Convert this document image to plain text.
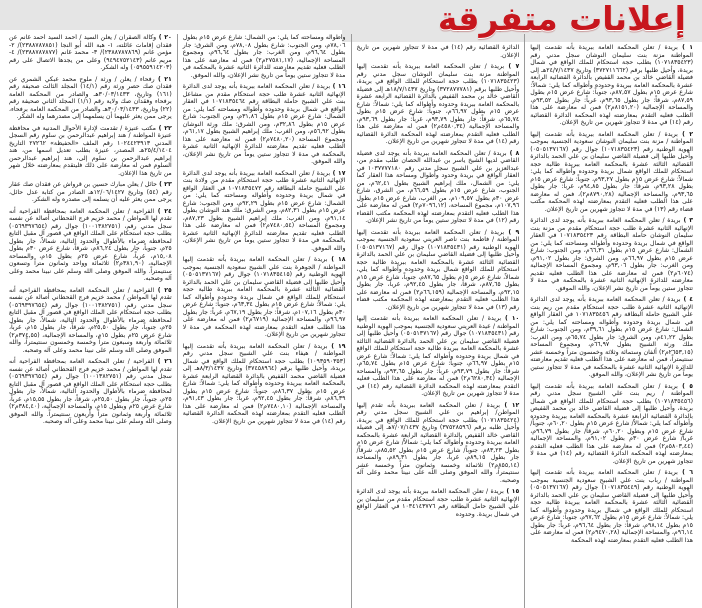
إعلانات متفرقة

١ ) بريدة / تعلن المحكمة العامة ببريدة بأنه تقدمت إليها المواطنة مزنة بنت سليمان النوشان سجل مدني رقم (١٠٧١٨٣٥٤٢٣) بطلب حجة استحكام للملك الواقع في شمال بريدة، وأحيل طلبها برقم (٣٧٢٧١١٦٦٢) وتاريخ ٢٤/٧/١٤٣٧هـ إلى فضيلة القاضي خالد بن محمد القفيص بالدائرة القضائية الرابعة عشرة بالمحكمة العامة ببريدة وحدوده وأطواله كما يلي: شمالاً: شارع عرض ١٥م بطول ٨٧,٥٧م، جنوباً: شارع عرض ١٥م بطول ٨٧,٥٩م، شرقاً: جار بطول ٩٣,٦٥م، غرباً: جار بطول ٩٣,٥٢م، والمساحة الإجمالية (٨١٥١,٢٠م٢) فمن له معارضة على هذا الطلب فعليه التقدم بمعارضته لهذه المحكمة الدائرة القضائية رقم (١٤) في مدة لا تتجاوز شهرين من تاريخ الإعلان.

٢ ) بريدة / تعلن المحكمة العامة ببريدة بأنه تقدمت إليها المواطنة / مزنة بنت سليمان النوشان سعودية الجنسية بموجب الهوية الوطنية رقم (١٠٧١٨٣٥٤٢٣) جوال رقم (٠٥٠٥١٣٧١٦٧) وأحيل طلبها إلى فضيلة القاضي سليمان بن علي الحمد بالدائرة القضائية الثالثة عشرة بالمحكمة العامة ببريدة طالبة حجة استحكام للملك الواقع شمال بريدة وحدوده وأطواله كما يلي: شمالاً: شارع عرض ١٥م بطول ٩٣,٢٧م، جنوباً: شارع عرض ١٥م بطول ٩٣,٢٨م، شرقاً: جار بطول ٩٤,٨٥م، غرباً: جار بطول ٩٣,٦٥م، والمساحة الإجمالية (٨٧٩٠,٢٨م٢)، فمن له معارضة على هذا الطلب فعليه التقدم بمعارضته لهذه المحكمة مكتب قضاء رقم (١٣) في مدة لا تتجاوز شهرين من تاريخ الإعلان.

٣ ) بريدة / تعلن المحكمة العامة ببريدة بأنه يوجد لدى الدائرة الإنهائية الثانية عشرة طلب حجة استحكام مقدم من مزنة بنت سليمان النوشان حاملة البطاقة رقم ١٠٧١٨٣٥٤٢٣ في العقار الواقع في شمال بريدة وحدوده وأطواله ومساحته كما يلي: من الشمال: شارع عرض ١٥م بطول ٦٦,٣١م، ومن الجنوب: شارع عرض ١٥م بطول ٦٦,٩٧م، ومن الشرق: جار بطول ٩١,٠٢م، ومن الغرب: جار بطول ٩٣,٠٦م، ومجموع المساحة الإجمالية (٦٠٧٤م٢) فمن له معارضة على هذا الطلب فعليه تقديم معارضته للدائرة الإنهائية الثانية عشرة بالمحكمة في مدة لا تتجاوز ستين يوماً من تاريخ نشر الإعلان، والله الموفق.

٤ ) بريدة / تعلن المحكمة العامة ببريدة بأنه يوجد لدى الدائرة الإنهائية الثانية عشرة طلب حجة استحكام مقدم من ريم بنت علي الشبيح حاملة البطاقة رقم ١٠٧١٨٣٥٤٥٦ في العقار الواقع في شمال بريدة وحدوده وأطواله ومساحته كما يلي: من الشمال: شارع عرض ١٥م بطول ٣٩,٦١م، ومن الجنوب: شارع بطول ٤١,٢٢م، ومن الشرق: جار بطول ٦٥,٧٤م، ومن الغرب: ملك ورثة الشبيح بطول ٦٦,٩٧م، ومجموع المساحة (٢٦٥٣,١٥م٢) ألفان وستمائة وثلاثة وخمسون متراً وخمسة عشر سنتيمتراً، فمن له معارضة على هذا الطلب فعليه تقديم معارضته للدائرة الإنهائية الثانية عشرة بالمحكمة في مدة لا تتجاوز ستين يوماً من تاريخ نشر الإعلان، والله الموفق.

٥ ) بريدة / تعلن المحكمة العامة ببريدة بأنه تقدمت إليها المواطنة / ريم بنت علي الشبيح سجل مدني رقم (١٠٧١٨٣٥٤٥٦) بطلب حجة استحكام للملك الواقع في شمال بريدة، وأحيل طلبها إلى فضيلة القاضي خالد بن محمد القفيص بالدائرة القضائية الرابعة عشرة بالمحكمة العامة ببريدة وحدوده وأطواله كما يلي: شمالاً/ شارع عرض ١٥م بطول ٦٠,٢٠م، جنوباً/ شارع عرض ١٥م وبطول ٦٠,٢٠م، شرقاً/ جار بطول ٩٦,٧٩م، غرباً/ شارع عرض ٣٠م بطول ٩١,٠٢م، والمساحة الإجمالية (٥٨٠٣,٤٤م٢) فمن له معارضة على هذا الطلب فعليه التقدم بمعارضته لهذه المحكمة الدائرة القضائية رقم (١٤) في مدة لا تتجاوز شهرين من تاريخ الإعلان.

٦ ) بريدة / تعلن المحكمة العامة ببريدة بأنه تقدمت إليها المواطنة / رباب بنت علي الشبيح سعودية الجنسية بموجب الهوية الوطنية رقم (١٠٧١٨٣٥٤٤٩) جوال رقم (٠٥٠٥١٣٧١٦٧) وأحيل طلبها إلى فضيلة القاضي سليمان بن علي الحمد بالدائرة القضائية الثالثة عشرة بالمحكمة العامة ببريدة طالبة حجة استحكام للملك الواقع في شمال بريدة وحدوده وأطواله كما يلي: شمالاً: شارع عرض ١٥م بطول ٩٧,٦٢م، جنوباً: شارع عرض ١٥م بطول ٩٨,١٤م، شرقاً: جار بطول ٩٦,٦٤م، غرباً: جار بطول ٩٦,١٤م، والمساحة الإجمالية (٩٤٧٠,٢٨م٢) فمن له معارضة على هذا الطلب فعليه التقدم بمعارضته لهذه المحكمة

الدائرة القضائية رقم (١٤) في مدة لا تتجاوز شهرين من تاريخ الإعلان.

٧ ) بريدة / تعلن المحكمة العامة ببريدة بأنه تقدمت إليها المواطنة مزنة بنت سليمان النوشان سجل مدني رقم (١٠٧١٨٣٥٤٢٣) بطلب حجة استحكام للملك الواقع في بريدة، وأحيل طلبها برقم (٣٧٢٨٧٧٧٨١) وتاريخ ١٨/٧/١٤٣٧هـ إلى فضيلة القاضي خالد بن محمد القفيص بالدائرة القضائية الرابعة عشرة بالمحكمة العامة ببريدة وحدوده وأطواله كما يلي: شمالاً: شارع عرض ١٥م بطول ٦٦,٩٧م، جنوباً: شارع عرض ١٥م بطول ٦٥,٧٤م، شرقاً: جار بطول ٩٣,٧٩م، غرباً: جار بطول ٩٣,٦٩م، والمساحة الإجمالية (٤٥٨٠,٣٤م٢) فمن له معارضة على هذا الطلب فعليه التقدم بمعارضته لهذه المحكمة الدائرة القضائية رقم (١٤) في مدة لا تتجاوز شهرين من تاريخ الإعلان.

٨ ) بريدة / تعلن المحكمة العامة ببريدة بأنه يوجد لدى فضيلة القاضي لديها الشيخ ياسر بن عبدالله الحصان طلب مقدم من، عبدالعزيز بن علي الشبيح سجل مدني رقم ١٠٣٧٧٧٧١٨٠ في العقار الواقع في بريدة وحدود وأطوال ومساحة هذا العقار كما يلي: من الشمال، ملك إبراهيم الشبيح بطول ٦٢,٤١م، من الجنوب، شارع عرض ١٥م بطول ٦٦,٥٩م، من الشرق، شارع عرض ٣٠م بطول ١٠٩,٥٧م، من الغرب، شارع عرض ١٥م بطول ١٠٧,٩٦م، مجموع المساحة، (٧٠٩٦,١٢م٢) فمن له معارضة على هذا الطلب فعليه التقدم بمعارضته لهذه المحكمة مكتب القضاء رقم (١٢) في مدة لا تتجاوز ستين يوماً من تاريخ نشر الإعلان.

٩ ) بريدة / تعلن المحكمة العامة ببريدة بأنه تقدمت إليها المواطنة / فاطمة بنت ناصر العريني سعودية الجنسية بموجب الهوية الوطنية رقم (١٠٧١٨٣٥٤٣١) جوال رقم (٠٥٠٥١٣٧١٦٧) وأحيل طلبها إلى فضيلة القاضي سليمان بن علي الحمد بالدائرة القضائية الثالثة عشرة بالمحكمة العامة ببريدة طالبة حجة استحكام للملك الواقع شمال بريدة وحدوده وأطواله كما يلي، شمالاً، شارع عرض ١٥م بطول ٨٧,٦٥م، جنوباً، شارع عرض ١٥م بطول ٨٧,٦٥م، شرقاً، جار بطول ٩٢,٤٥م، غرباً، جار بطول ٩٢,١٥م، والمساحة الإجمالية (٦٦,١٥٩م٢) فمن له معارضة على هذا الطلب فعليه التقدم بمعارضته لهذه المحكمة مكتب قضاء رقم (١٣) في مدة لا تتجاوز شهرين من تاريخ الإعلان.

١٠ ) بريدة / تعلن المحكمة العامة ببريدة بأنه تقدمت إليها المواطنة / عيدة العريني سعودية الجنسية بموجب الهوية الوطنية رقم (١٠٧١٨٣٥٤٣١) جوال رقم (٠٥٠٥١٣٧١٦٧) وأحيل طلبها إلى فضيلة القاضي سليمان بن علي الحمد بالدائرة القضائية الثالثة عشرة بالمحكمة العامة ببريدة طالبة حجة استحكام للملك الواقع في شمال بريدة وحدوده وأطواله كما يلي: شمالاً: شارع عرض ١٥م بطول ٦٦,٩٧م، جنوباً: شارع عرض ١٥م بطول ٦٥,٧٤م، شرقاً: جار بطول ٩٣,٧٩م، غرباً: جار بطول ٩٣,٦٥م، والمساحة الإجمالية (٦٢٨٠,٣٤م٢) فمن له معارضة على هذا الطلب فعليه التقدم بمعارضته لهذه المحكمة الدائرة القضائية رقم (١٤) في مدة لا تتجاوز شهرين من تاريخ الإعلان.

١٢ ) بريدة / تعلن المحكمة العامة ببريدة بأنه تقدم إليها المواطن/ إبراهيم بن علي الشبيح سجل مدني رقم (١٠٧١٨٣٥٤٢٤) بطلب حجة استحكام للملك الواقع في بريدة، وأحيل طلبه برقم (٣٧٥٢٨٥٩٦) وتاريخ ٧/٠٧/١٤٣٧هـ إلى فضيلة القاضي خالد القفيص بالدائرة القضائية الرابعة عشرة بالمحكمة العامة ببريدة وحدوده وأطواله كما يلي: شمالاً/ شارع عرض ١٥م بطول ٨٣,٢٣م، جنوباً/ شارع عرض ١٥م بطول ٨٥,٥٢م، شرقاً/ جار بطول ٨٩,١٥م، غرباً، جار بطول ٨٩,٣١م، والمساحة (٨٥٥,١٤م٢) ثلاثمائة وخمسة وثمانون متراً وخمسة عشر سنتيمتراً، والله الموفق وصلى الله على نبينا محمد وعلى آله وصحبه.

١٥ ) بريدة / تعلن المحكمة العامة ببريدة بأنه يوجد لدى الدائرة الإنهائية الثانية عشرة طلب حجة استحكام مقدم من سليمان بن علي الشبيح حامل البطاقة رقم ١٠٣٤١٤٣٧٧٦ في العقار الواقع في شمال بريدة. وحدوده

وأطواله ومساحته كما يلي: من الشمال: شارع عرض ١٥م بطول ٧٨,٠٦م، ومن الجنوب: شارع بطول ٧٨,٠٨م، ومن الشرق: جار بطول ٩٦,٦٤م، ومن الغرب: جار بطول ٩٦,٦٤م، ومجموع المساحة الإجمالية، (٢٧٥٨١,١٧م٢) فمن له معارضة على هذا الطلب فعليه تقديم معارضته للدائرة الثانية عشرة بالمحكمة في مدة لا تتجاوز ستين يوماً من تاريخ نشر الإعلان، والله الموفق.

١٦ ) بريدة / تعلن المحكمة العامة ببريدة بأنه يوجد لدى الدائرة الإنهائية الثانية عشرة طلب حجة استحكام مقدم من مشاعل بنت علي الشبيح حاملة البطاقة رقم ١٠٧١٨٣٥٤٦٤ في العقار الواقع في شمال بريدة وحدوده وأطواله ومساحته كما يلي: من الشمال: شارع عرض ١٥م بطول ٣١,٨٦م، ومن الجنوب: شارع عرض ١٥م بطول ٣٢,٨٦م، ومن الشرق: ملك ورثة النوشان بطول ٥٦,٩٢م، ومن الغرب: ملك إبراهيم الشبيح بطول ٦١,١٧م، ومجموع المساحة (٧٤٨٠,٢٠م٢) فمن له معارضة على هذا الطلب فعليه تقديم معارضته للدائرة الإنهائية الثانية عشرة بالمحكمة في مدة لا تتجاوز ستين يوماً من تاريخ نشر الإعلان، والله الموفق.

١٧ ) بريدة / تعلن المحكمة العامة ببريدة بأنه يوجد لدى الدائرة الإنهائية الثانية عشرة طلب حجة استحكام مقدم من ولادة بنت علي الشبيح حاملة البطاقة رقم ١٠٧١٨٣٥٤٧٢ في العقار الواقع في شمال بريدة وحدوده وأطواله ومساحته كما يلي: من الشمال: شارع عرض ١٥م بطول ٩٢,٢٩م، ومن الجنوب: شارع عرض ١٥م بطول ٨٢,٣١م، ومن الشرق: ملك هند النوشان بطول ٩١,١٤م، ومن الغرب: ملك إبراهيم الشبيح بطول ٨٧,٢٣م، ومجموع المساحة (٧٤٨٠,٥٤م٢) فمن له معارضة على هذا الطلب فعليه تقديم معارضته للدائرة الإنهائية الثانية عشرة بالمحكمة في مدة لا تتجاوز ستين يوماً من تاريخ نشر الإعلان، والله الموفق.

١٨ ) بريدة / تعلن المحكمة العامة ببريدة بأنه تقدمت إليها المواطنة / الجوهرة بنت علي الشبيح سعودية الجنسية بموجب الهوية الوطنية رقم (١٠٧١٨٣٥٤١٥) جوال رقم (٠٥٠٥١٣٧١٦٧) وأحيل طلبها إلى فضيلة القاضي سليمان بن علي الحمد بالدائرة القضائية الثالثة عشرة بالمحكمة العامة ببريدة طالبة حجة استحكام للملك الواقع في شمال بريدة وحدوده وأطواله كما يلي: شمالاً: شارع عرض ١٥م بطول ٦٣,٣٤م، جنوباً: شارع عرض ٣٠م بطول ١٠٧,١٦م، شرقاً: جار بطول ٦٧,١٩م، غرباً: جار بطول ٩٦,٩٧م، والمساحة الإجمالية (٦٧١٩م٢) فمن له معارضة على هذا الطلب فعليه التقدم بمعارضته لهذه المحكمة في مدة لا تتجاوز شهرين من تاريخ الإعلان.

١٩ ) بريدة / تعلن المحكمة العامة ببريدة بأنه تقدمت إليها المواطنة / هيفاء بنت علي الشبيح سجل مدني رقم (١٠٩٣٥٩٠٣٥٣) بطلب حجة استحكام للملك الواقع في شمال بريدة، وأحيل طلبها برقم (٣٧٤٥٨٩٦٤) وتاريخ ٨/٣/١٤٣٧هـ إلى فضيلة القاضي محمد القفيص بالدائرة القضائية الرابعة عشرة بالمحكمة العامة ببريدة وحدوده وأطواله كما يلي: شمالاً: شارع عرض ١٥م بطول ٨٦,٣٧م، جنوباً: شارع عرض ١٥م بطول ٨٦,٣٩م، شرقاً: جار بطول ٩٢,٤٥م، غرباً: جار بطول ٩١,٤٣م، والمساحة الإجمالية (٧٤٨٠,١٠م٢) فمن له معارضة على هذا الطلب فعليه التقدم بمعارضته لهذه المحكمة الدائرة القضائية رقم (١٤) في مدة لا تتجاوز شهرين من تاريخ الإعلان.

٢٠ ) وكالة الصقران / يعلن السيد / أحمد السيد أحمد غانم عن فقدان إقامات عائلته، ١- هبة الله أبو النجا (٢٣٨٨٧٨٧٨٥١)/ ٢- مؤمن غانم (٢٣٨٨٧٨٧٨٦٩)/ ٣- محمد غانم (٢٣٨٨٧٨٧٨٧٧)/ ٤- مريم غانم (٩٤٩٤٧٥٢١٤٣) وعلى من يجدها الاتصال على رقم (٠٥٩٥٥٩١٤٢٠٣) وله الشكر.

٢١ ) رفحاء / يعلن / ورثة / ملوح محمد عبكي الشمري عن فقدان صك حصر ورثة رقم (١٤/١) المجلد الثالث صحيفة رقم (١٦١) وتاريخ، ٣٠/٠٣/١٤٣٣هـ والصادر من المحكمة العامة برفحاء وفقدان صك ولاية رقم (١/١) المجلد الثاني صحيفة رقم (٢٢) وتاريخ، ٣٠/٠٣/١٤٣٣هـ والصادر من المحكمة العامة برفحاء، يرجى ممن يعثر عليهما أن يسلمهما إلى مصدرهما وله الشكر.

٢٢ ) مكتب عنيزة / تقدمت لإدارة الأحوال المدنية في محافظة عنيزة المواطنة / هند إبراهيم عبدالرحمن بن سلوم رقم السجل المدني ١٠٢٤٤٢٣٩١٣ رقم الملف «الحفيظة» ٢٧٢٦٢ التاريخ ٢٥/٤/١٤٠٤هـ المصدر، عنيزة بطلب تعديل اسمها من، هند إبراهيم عبدالرحمن بن سلوم إلى، هند إبراهيم عبدالرحمن السلوم فمن له معارضة على ذلك فليتقدم بمعارضته خلال شهر من تاريخ هذا الإعلان.

٢٣ ) حائل / يعلن مبارك حسين بن قرواش عن فقدان صك عقار رقم (٥٤) وتاريخ ١٢/٠٦/١٤٢٧هـ الصادر من كتابة عدل حائل، يرجى ممن يعثر عليه أن يسلمه إلى مصدره وله الشكر.

٢٤ ) الفراحية / تعلن المحكمة العامة بمحافظة الفراحية أنه تقدم لها المواطن / محمد خزيم فرج القحطاني أصالة عن نفسه سجل مدني رقم، (١٠٠١٣٨٢٧٥١) جوال رقم (٠٥٦٩٣٩٧٦٥٤) بطلب حجة استحكام على الملك الواقع في قصور آل مقبل التابع لمحافظة ضرماء بالأطوال والحدود التالية، شمالاً، جار بطول ٢٥م، جنوباً، جار بطول ٨٦,٢٤م، شرقاً، شارع عرض ٣٠م بطول ١٥,٠٨م، غرباً، شارع عرض ٢٥م بطول ١٥م، والمساحة الإجمالية، (٣٨١,٩٠م٢) ثلاثمائة وواحد وثمانون متراً وتسعون سنتيمتراً. والله الموفق وصلى الله وسلم على نبينا محمد وعلى آله وصحبه.

٢٥ ) الفراحية / تعلن المحكمة العامة بمحافظة الفراحية أنه تقدم لها المواطن / محمد خزيم فرج القحطاني أصالة عن نفسه سجل مدني رقم، (١٠٠١٣٨٢٧٥١) جوال رقم (٠٥٦٩٣٩٧٦٥٤) بطلب حجة استحكام على الملك الواقع في قصور آل مقبل التابع لمحافظة ضرماء بالأطوال والحدود التالية، شمالاً، جار بطول ٢٥م، جنوباً، جار بطول ٢٥,٥٠م، شرقاً، جار بطول ١٥م، غرباً، شارع عرض ٢٥م بطول ١٥م، والمساحة الإجمالية، (٣٧٤,٥٥م٢) ثلاثمائة وأربعة وسبعون متراً وخمسة وخمسون سنتيمتراً، والله الموفق وصلى الله وسلم على نبينا محمد وعلى آله وصحبه.

٢٦ ) الفراحية / تعلن المحكمة العامة بمحافظة الفراحية أنه تقدم لها المواطن / محمد خزيم فرج القحطاني أصالة عن نفسه سجل مدني رقم (١٠٠١٣٨٢٧٥١) جوال رقم (٠٥٦٩٣٩٧٦٥٤) بطلب حجة استحكام على الملك الواقع في قصور آل مقبل التابع لمحافظة ضرماء بالأطوال والحدود التالية، شمالاً، جار بطول ٢٥م، جنوباً، جار بطول ٢٥,٥٠م، شرقاً، جار بطول ١٥,٥٥م، غرباً، شارع عرض ٢٥م وبطول ١٥م، والمساحة الإجمالية، (٣٨٤,٤٠م٢) ثلاثمائة وأربعة وثمانون متراً وأربعون سنتيمتراً. والله الموفق وصلى الله وسلم على نبينا محمد وعلى آله وصحبه.
